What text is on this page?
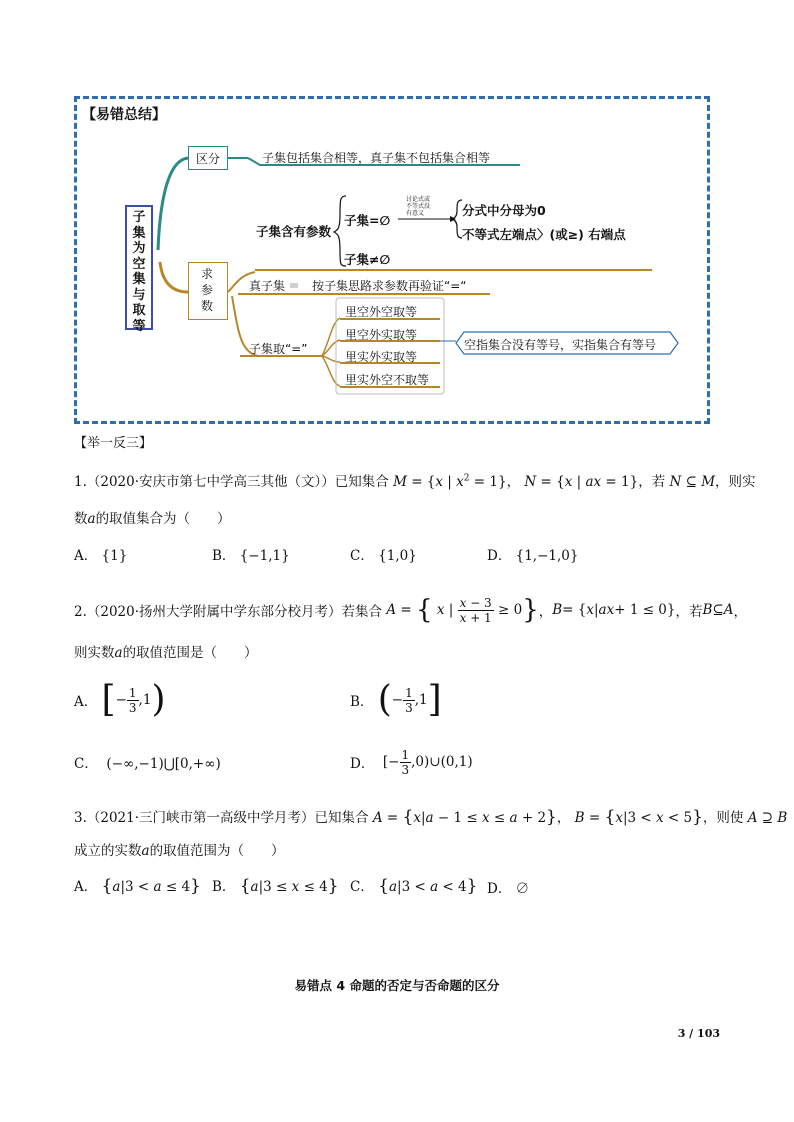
【易错总结】
子集为空集与取等
区分	子集包括集合相等，真子集不包括集合相等
求参数
子集含有参数
子集=∅
讨论式或
不等式没
有意义	分式中分母为0
不等式左端点〉(或≥) 右端点
子集≠∅
真子集 按子集思路求参数再验证“=“
子集取“=”
里空外空取等
里空外实取等
里实外实取等
里实外空不取等
空指集合没有等号，实指集合有等号
【举一反三】
1.（2020·安庆市第七中学高三其他（文））已知集合 M = {x | $x^2 = 1$}， N = {x | ax = 1}，若 N ⊆ M，则实
数a的取值集合为（　　）
A． {1}	B． {−1,1}	C． {1,0}	D． {1,−1,0}
2.（2020·扬州大学附属中学东部分校月考）若集合
A = {
x | $\frac{x - 3}{x + 1} \ge 0$ } ， B = { x | ax + 1 ≤ 0} ，若 B ⊆ A ，
则实数a的取值范围是（　　）
A．
[ − $\frac{1}{3} ,1$ )	B．
( − $\frac{1}{3} ,1$ ]
C．  (−∞,−1)⋃[0,+∞)	D． [− $\frac{1}{3}$ ,0)∪(0,1)
3.（2021·三门峡市第一高级中学月考）已知集合 A = {x|a − 1 ≤ x ≤ a + 2}， B = {x|3 < x < 5}，则使 A ⊇ B
成立的实数a的取值范围为（　　）
A． {a|3 < a ≤ 4} B． {a|3 ≤ x ≤ 4} C． {a|3 < a < 4} D． ∅
易错点 4 命题的否定与否命题的区分
3 / 103
